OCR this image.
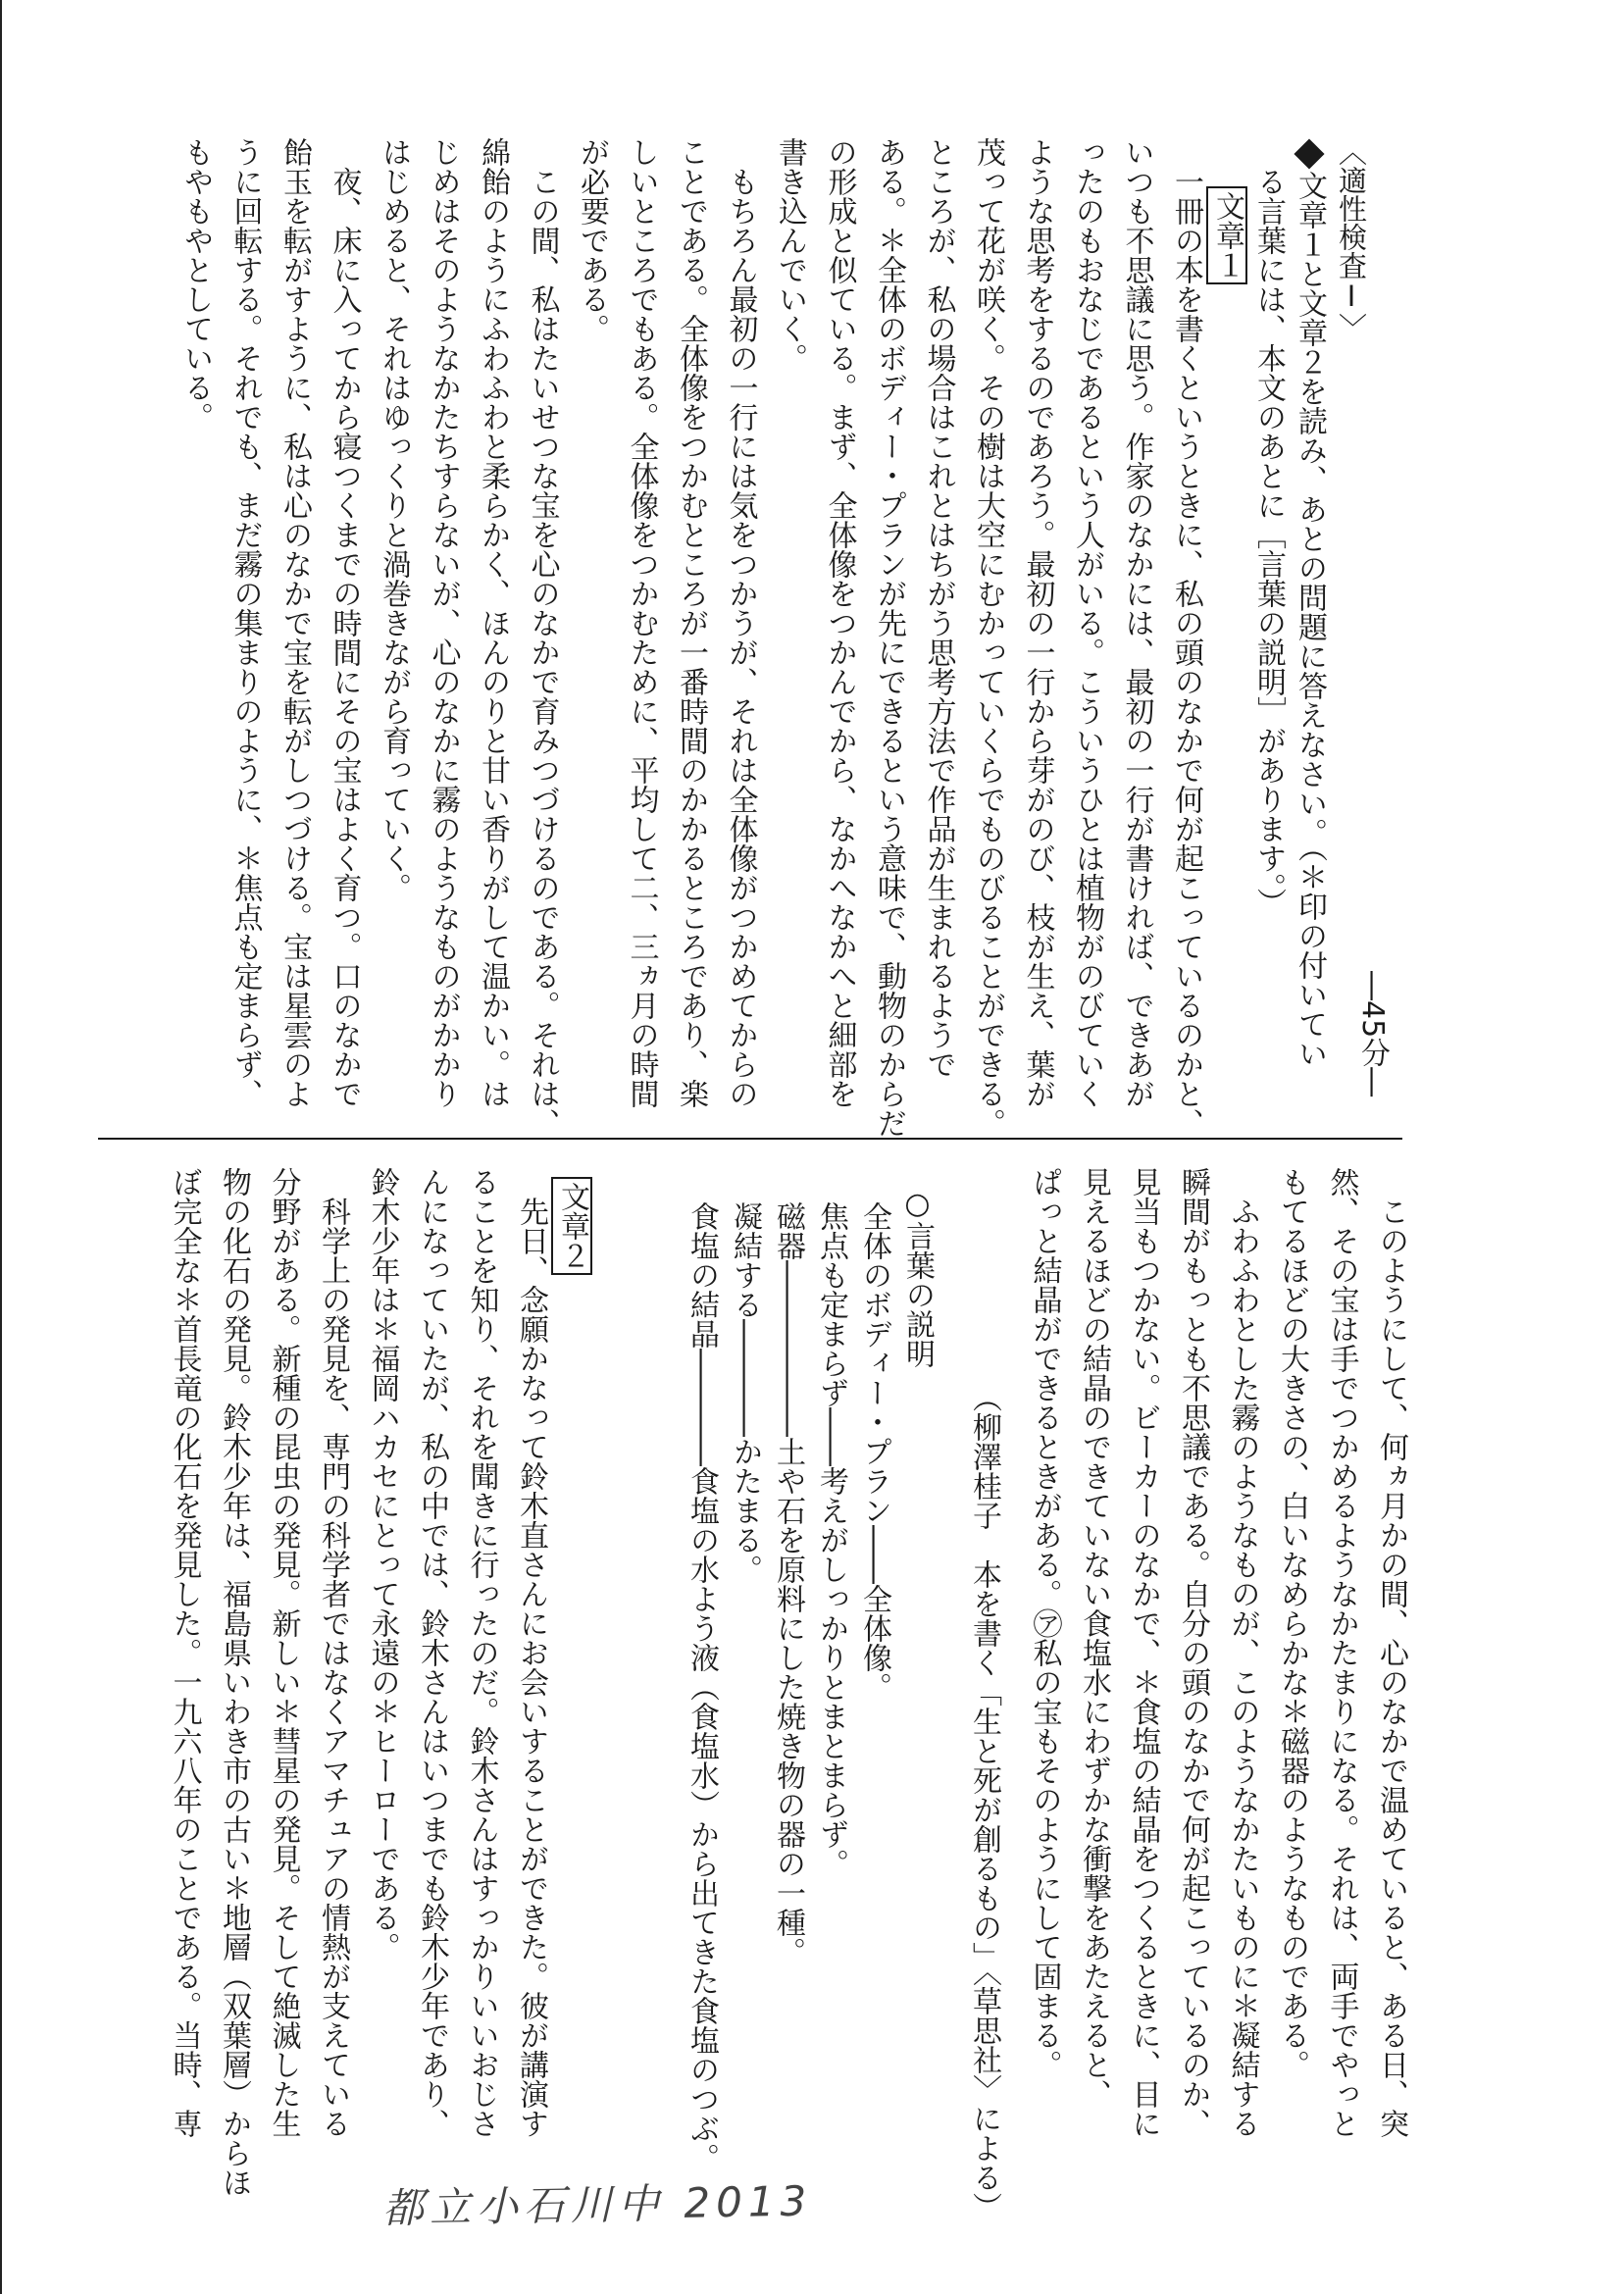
〈適性検査Ⅰ〉
文章１と文章２を読み、あとの問題に答えなさい。（＊印の付いてい
る言葉には、本文のあとに［言葉の説明］があります。）
―45分―
文章１
一冊の本を書くというときに、私の頭のなかで何が起こっているのかと、
いつも不思議に思う。作家のなかには、最初の一行が書ければ、できあが
ったのもおなじであるという人がいる。こういうひとは植物がのびていく
ような思考をするのであろう。最初の一行から芽がのび、枝が生え、葉が
茂って花が咲く。その樹は大空にむかっていくらでものびることができる。
ところが、私の場合はこれとはちがう思考方法で作品が生まれるようで
ある。＊全体のボディー・プランが先にできるという意味で、動物のからだ
の形成と似ている。まず、全体像をつかんでから、なかへなかへと細部を
書き込んでいく。
もちろん最初の一行には気をつかうが、それは全体像がつかめてからの
ことである。全体像をつかむところが一番時間のかかるところであり、楽
しいところでもある。全体像をつかむために、平均して二、三ヵ月の時間
が必要である。
この間、私はたいせつな宝を心のなかで育みつづけるのである。それは、
綿飴のようにふわふわと柔らかく、ほんのりと甘い香りがして温かい。は
じめはそのようなかたちすらないが、心のなかに霧のようなものがかかり
はじめると、それはゆっくりと渦巻きながら育っていく。
夜、床に入ってから寝つくまでの時間にその宝はよく育つ。口のなかで
飴玉を転がすように、私は心のなかで宝を転がしつづける。宝は星雲のよ
うに回転する。それでも、まだ霧の集まりのように、＊焦点も定まらず、
もやもやとしている。
このようにして、何ヵ月かの間、心のなかで温めていると、ある日、突
然、その宝は手でつかめるようなかたまりになる。それは、両手でやっと
もてるほどの大きさの、白いなめらかな＊磁器のようなものである。
ふわふわとした霧のようなものが、このようなかたいものに＊凝結する
瞬間がもっとも不思議である。自分の頭のなかで何が起こっているのか、
見当もつかない。ビーカーのなかで、＊食塩の結晶をつくるときに、目に
見えるほどの結晶のできていない食塩水にわずかな衝撃をあたえると、
ぱっと結晶ができるときがある。㋐私の宝もそのようにして固まる。
（柳澤桂子　本を書く「生と死が創るもの」〈草思社〉による）
○言葉の説明
全体のボディー・プラン――全体像。
焦点も定まらず――考えがしっかりとまとまらず。
磁器――――――土や石を原料にした焼き物の器の一種。
凝結する――――かたまる。
食塩の結晶――――食塩の水よう液（食塩水）から出てきた食塩のつぶ。
文章２
先日、念願かなって鈴木直さんにお会いすることができた。彼が講演す
ることを知り、それを聞きに行ったのだ。鈴木さんはすっかりいいおじさ
んになっていたが、私の中では、鈴木さんはいつまでも鈴木少年であり、
鈴木少年は＊福岡ハカセにとって永遠の＊ヒーローである。
科学上の発見を、専門の科学者ではなくアマチュアの情熱が支えている
分野がある。新種の昆虫の発見。新しい＊彗星の発見。そして絶滅した生
物の化石の発見。鈴木少年は、福島県いわき市の古い＊地層（双葉層）からほ
ぼ完全な＊首長竜の化石を発見した。一九六八年のことである。当時、専
都立小石川中 2013
